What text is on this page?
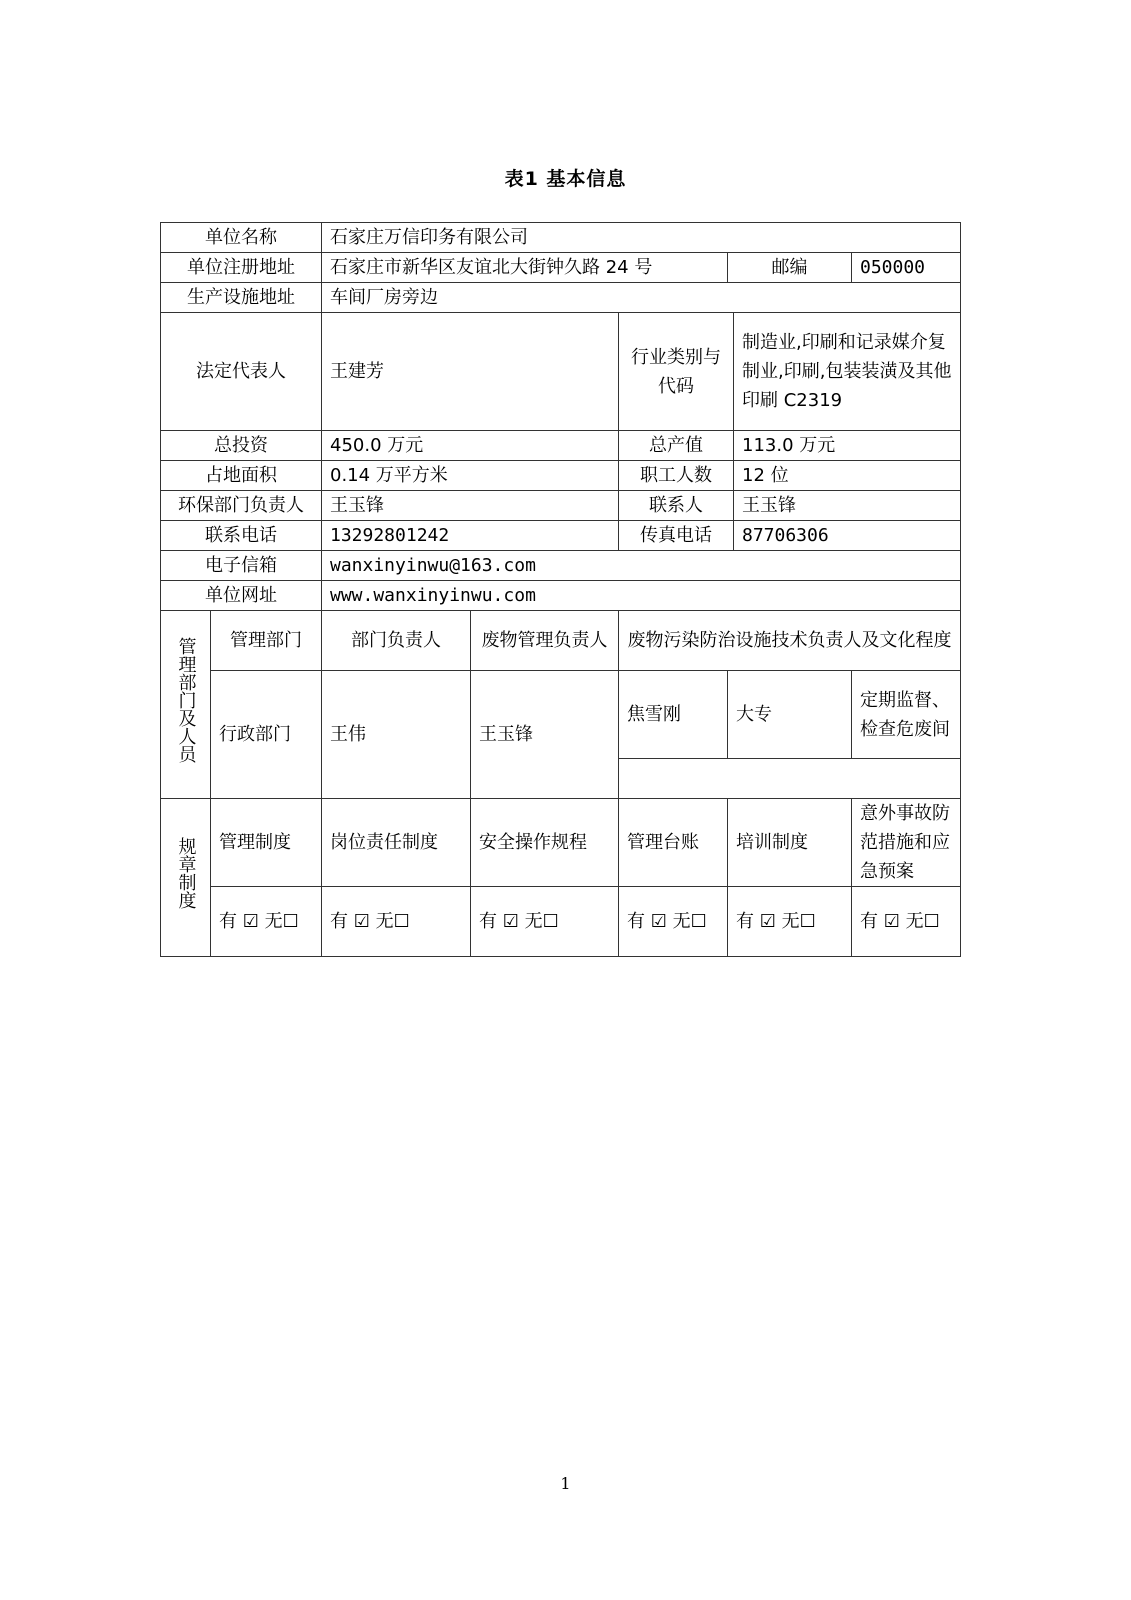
表1 基本信息
单位名称		石家庄万信印务有限公司					
单位注册地址		石家庄市新华区友谊北大街钟久路 24 号			邮编		050000
生产设施地址		车间厂房旁边					
法定代表人		王建芳		行业类别与代码		制造业,印刷和记录媒介复制业,印刷,包装装潢及其他印刷 C2319	
总投资		450.0 万元		总产值		113.0 万元	
占地面积		0.14 万平方米		职工人数		12 位	
环保部门负责人		王玉锋		联系人		王玉锋	
联系电话		13292801242		传真电话		87706306	
电子信箱		wanxinyinwu@163.com					
单位网址		www.wanxinyinwu.com					
管理部门及人员	管理部门	部门负责人	废物管理负责人	废物污染防治设施技术负责人及文化程度			
	行政部门	王伟	王玉锋	焦雪刚	大专		定期监督、检查危废间

规章制度	管理制度	岗位责任制度	安全操作规程	管理台账	培训制度		意外事故防范措施和应急预案
	有 ☑ 无☐	有 ☑ 无☐	有 ☑ 无☐	有 ☑ 无☐	有 ☑ 无☐		有 ☑ 无☐
1
